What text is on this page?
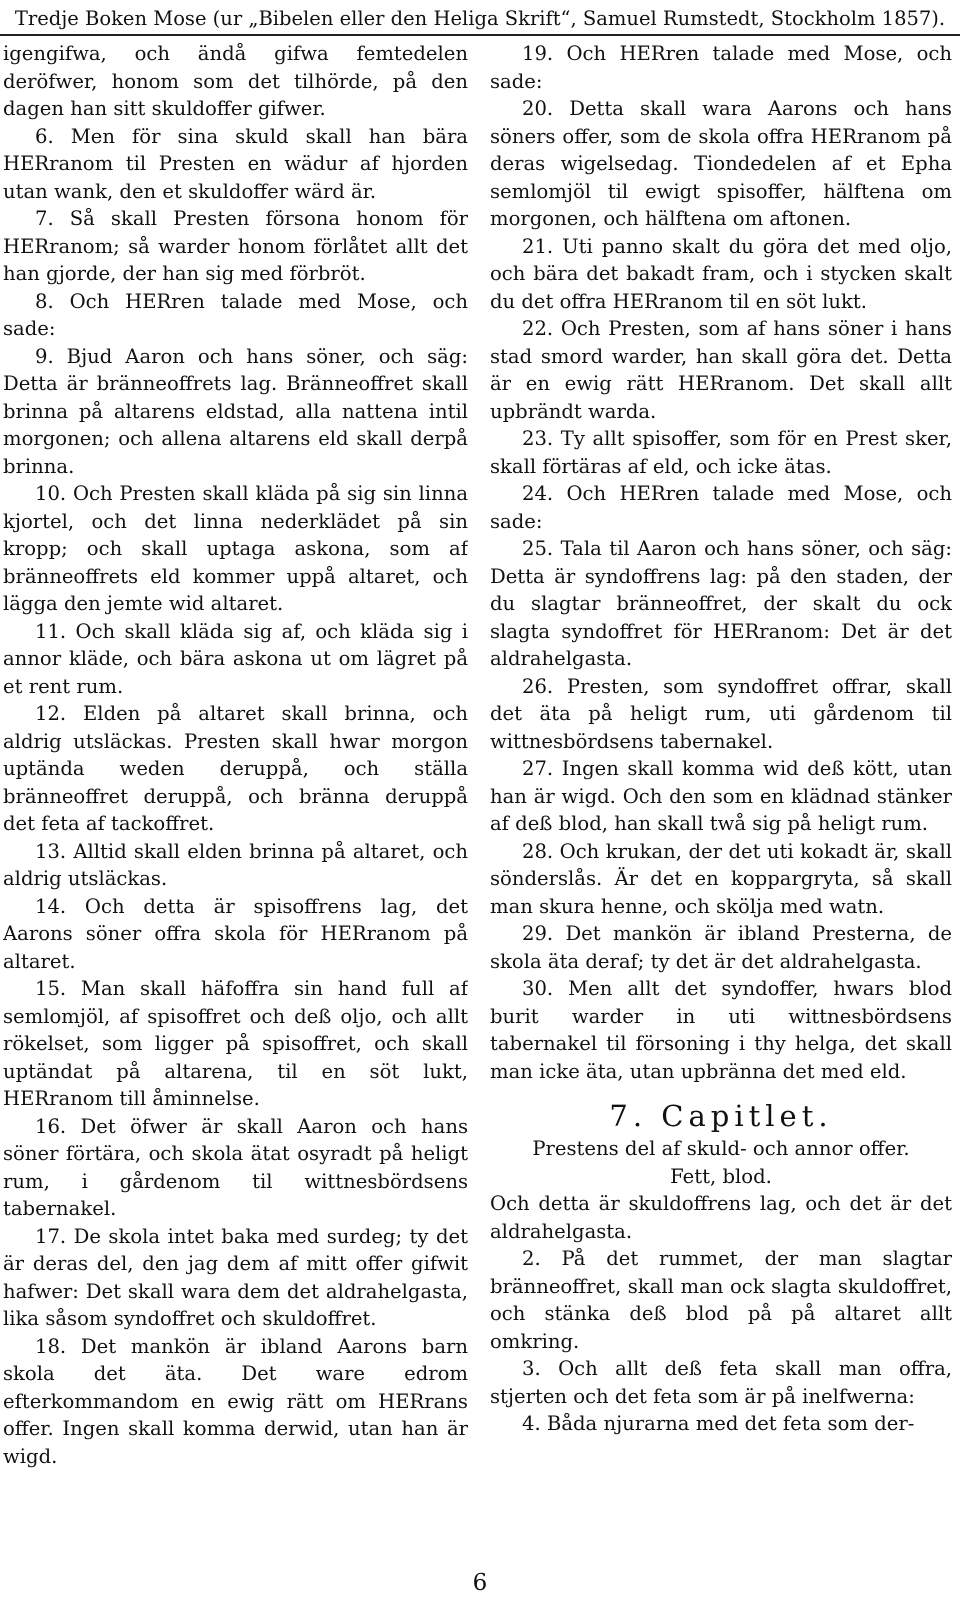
Tredje Boken Mose (ur „Bibelen eller den Heliga Skrift“, Samuel Rumstedt, Stockholm 1857).

igengifwa, och ändå gifwa femtedelen deröfwer, honom som det tilhörde, på den dagen han sitt skuldoffer gifwer.

6. Men för sina skuld skall han bära HERranom til Presten en wädur af hjorden utan wank, den et skuldoffer wärd är.

7. Så skall Presten försona honom för HERranom; så warder honom förlåtet allt det han gjorde, der han sig med förbröt.

8. Och HERren talade med Mose, och sade:

9. Bjud Aaron och hans söner, och säg: Detta är bränneoffrets lag. Bränneoffret skall brinna på altarens eldstad, alla nattena intil morgonen; och allena altarens eld skall derpå brinna.

10. Och Presten skall kläda på sig sin linna kjortel, och det linna nederklädet på sin kropp; och skall uptaga askona, som af bränneoffrets eld kommer uppå altaret, och lägga den jemte wid altaret.

11. Och skall kläda sig af, och kläda sig i annor kläde, och bära askona ut om lägret på et rent rum.

12. Elden på altaret skall brinna, och aldrig utsläckas. Presten skall hwar morgon uptända weden deruppå, och ställa bränneoffret deruppå, och bränna deruppå det feta af tackoffret.

13. Alltid skall elden brinna på altaret, och aldrig utsläckas.

14. Och detta är spisoffrens lag, det Aarons söner offra skola för HERranom på altaret.

15. Man skall häfoffra sin hand full af semlomjöl, af spisoffret och deß oljo, och allt rökelset, som ligger på spisoffret, och skall uptändat på altarena, til en söt lukt, HERranom till åminnelse.

16. Det öfwer är skall Aaron och hans söner förtära, och skola ätat osyradt på heligt rum, i gårdenom til wittnesbördsens tabernakel.

17. De skola intet baka med surdeg; ty det är deras del, den jag dem af mitt offer gifwit hafwer: Det skall wara dem det aldrahelgasta, lika såsom syndoffret och skuldoffret.

18. Det mankön är ibland Aarons barn skola det äta. Det ware edrom efterkommandom en ewig rätt om HERrans offer. Ingen skall komma derwid, utan han är wigd.

19. Och HERren talade med Mose, och sade:

20. Detta skall wara Aarons och hans söners offer, som de skola offra HERranom på deras wigelsedag. Tiondedelen af et Epha semlomjöl til ewigt spisoffer, hälftena om morgonen, och hälftena om aftonen.

21. Uti panno skalt du göra det med oljo, och bära det bakadt fram, och i stycken skalt du det offra HERranom til en söt lukt.

22. Och Presten, som af hans söner i hans stad smord warder, han skall göra det. Detta är en ewig rätt HERranom. Det skall allt upbrändt warda.

23. Ty allt spisoffer, som för en Prest sker, skall förtäras af eld, och icke ätas.

24. Och HERren talade med Mose, och sade:

25. Tala til Aaron och hans söner, och säg: Detta är syndoffrens lag: på den staden, der du slagtar bränneoffret, der skalt du ock slagta syndoffret för HERranom: Det är det aldrahelgasta.

26. Presten, som syndoffret offrar, skall det äta på heligt rum, uti gårdenom til wittnesbördsens tabernakel.

27. Ingen skall komma wid deß kött, utan han är wigd. Och den som en klädnad stänker af deß blod, han skall twå sig på heligt rum.

28. Och krukan, der det uti kokadt är, skall sönderslås. Är det en koppargryta, så skall man skura henne, och skölja med watn.

29. Det mankön är ibland Presterna, de skola äta deraf; ty det är det aldrahelgasta.

30. Men allt det syndoffer, hwars blod burit warder in uti wittnesbördsens tabernakel til försoning i thy helga, det skall man icke äta, utan upbränna det med eld.

7. Capitlet.

Prestens del af skuld- och annor offer.
Fett, blod.

Och detta är skuldoffrens lag, och det är det aldrahelgasta.

2. På det rummet, der man slagtar bränneoffret, skall man ock slagta skuldoffret, och stänka deß blod på på altaret allt omkring.

3. Och allt deß feta skall man offra, stjerten och det feta som är på inelfwerna:

4. Båda njurarna med det feta som der-

6
